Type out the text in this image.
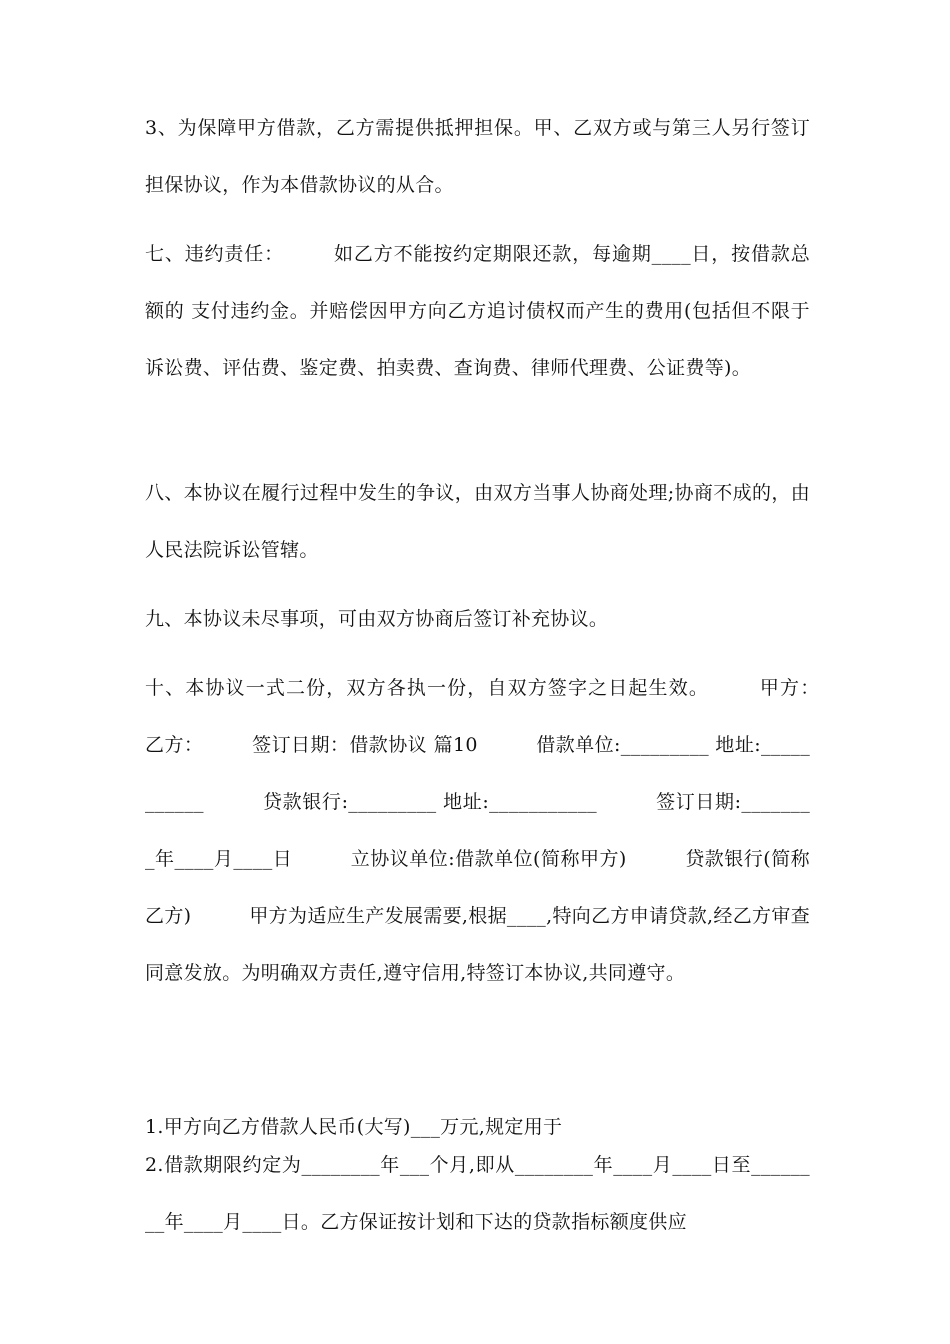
3、为保障甲方借款，乙方需提供抵押担保。甲、乙双方或与第三人另行签订担保协议，作为本借款协议的从合。

七、违约责任：　　　如乙方不能按约定期限还款，每逾期____日，按借款总额的 支付违约金。并赔偿因甲方向乙方追讨债权而产生的费用(包括但不限于诉讼费、评估费、鉴定费、拍卖费、查询费、律师代理费、公证费等)。

八、本协议在履行过程中发生的争议，由双方当事人协商处理;协商不成的，由 人民法院诉讼管辖。

九、本协议未尽事项，可由双方协商后签订补充协议。

十、本协议一式二份，双方各执一份，自双方签字之日起生效。　　　甲方：　乙方：　　　签订日期：借款协议 篇10　　　借款单位:_________ 地址:___________　　　贷款银行:_________ 地址:___________　　　签订日期:________年____月____日　　　立协议单位:借款单位(简称甲方)　　　贷款银行(简称乙方)　　　甲方为适应生产发展需要,根据____,特向乙方申请贷款,经乙方审查同意发放。为明确双方责任,遵守信用,特签订本协议,共同遵守。

1.甲方向乙方借款人民币(大写)___万元,规定用于

2.借款期限约定为________年___个月,即从________年____月____日至________年____月____日。乙方保证按计划和下达的贷款指标额度供应
